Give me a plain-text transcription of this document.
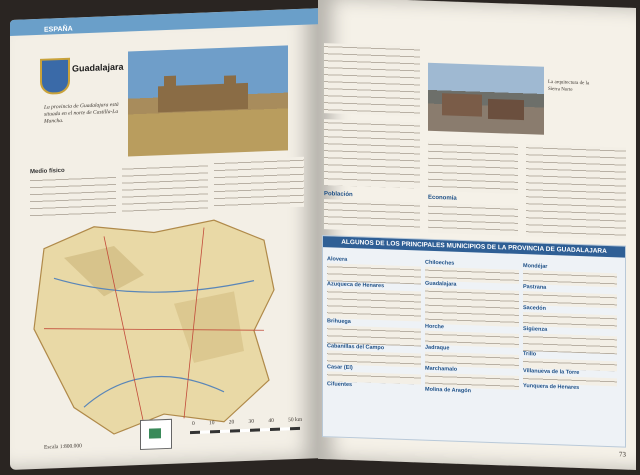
ESPAÑA
Guadalajara
La provincia de Guadalajara está situada en el norte de Castilla-La Mancha.
Medio físico
0	10	20	30	40	50 km
Escala 1:800.000
La arquitectura de la Sierra Norte
Población
Economía
ALGUNOS DE LOS PRINCIPALES MUNICIPIOS DE LA PROVINCIA DE GUADALAJARA
Alovera
Azuqueca de Henares
Brihuega
Cabanillas del Campo
Casar (El)
Cifuentes
Chiloeches
Guadalajara
Horche
Jadraque
Marchamalo
Molina de Aragón
Mondéjar
Pastrana
Sacedón
Sigüenza
Trillo
Villanueva de la Torre
Yunquera de Henares
73
